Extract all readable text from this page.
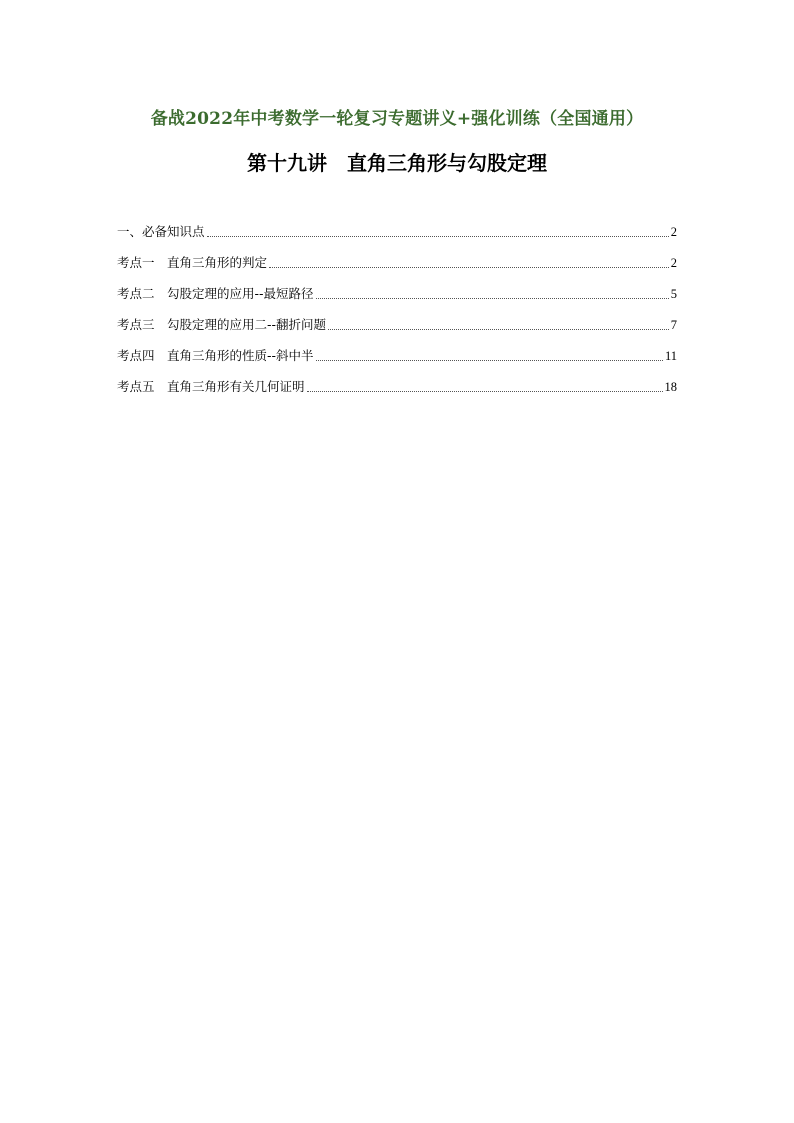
备战2022年中考数学一轮复习专题讲义+强化训练（全国通用）
第十九讲　直角三角形与勾股定理
一、必备知识点	2
考点一　直角三角形的判定	2
考点二　勾股定理的应用--最短路径	5
考点三　勾股定理的应用二--翻折问题	7
考点四　直角三角形的性质--斜中半	11
考点五　直角三角形有关几何证明	18
